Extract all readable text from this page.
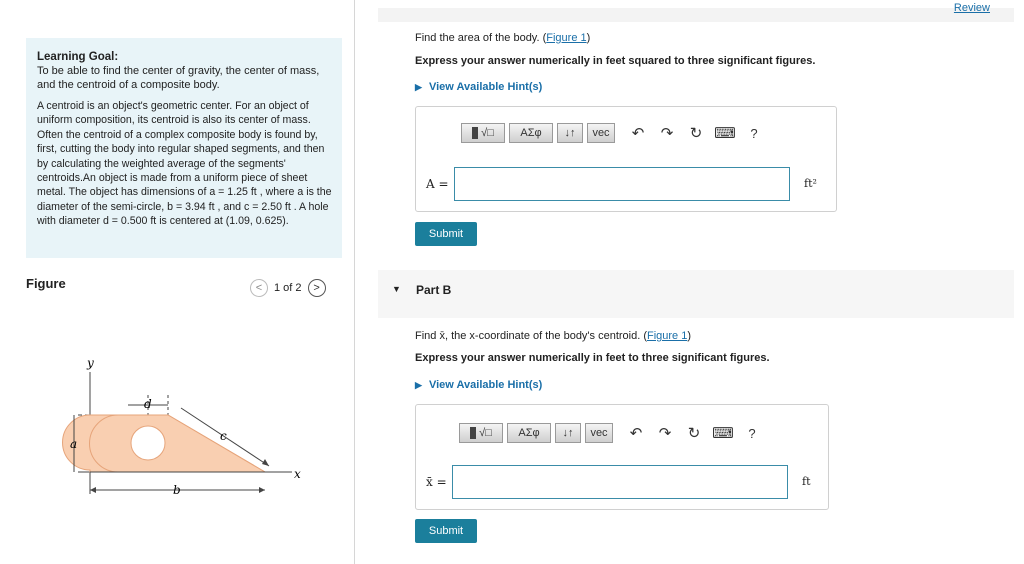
Review

Learning Goal:

To be able to find the center of gravity, the center of mass, and the centroid of a composite body.

A centroid is an object's geometric center. For an object of uniform composition, its centroid is also its center of mass. Often the centroid of a complex composite body is found by, first, cutting the body into regular shaped segments, and then by calculating the weighted average of the segments' centroids.An object is made from a uniform piece of sheet metal. The object has dimensions of a = 1.25 ft , where a is the diameter of the semi-circle, b = 3.94 ft , and c = 2.50 ft . A hole with diameter d = 0.500 ft is centered at (1.09, 0.625).

Figure	<	1 of 2	>
y
x
a
b
d
c
Find the area of the body. (Figure 1)
Express your answer numerically in feet squared to three significant figures.
▶ View Available Hint(s)
√□	ΑΣφ	↓↑	vec	↶ ↷ ↻ ⌨	?
A =	ft²
Submit
▼ Part B
Find x̄, the x-coordinate of the body's centroid. (Figure 1)
Express your answer numerically in feet to three significant figures.
▶ View Available Hint(s)
√□	ΑΣφ	↓↑	vec	↶ ↷ ↻ ⌨	?
x̄ =	ft
Submit
